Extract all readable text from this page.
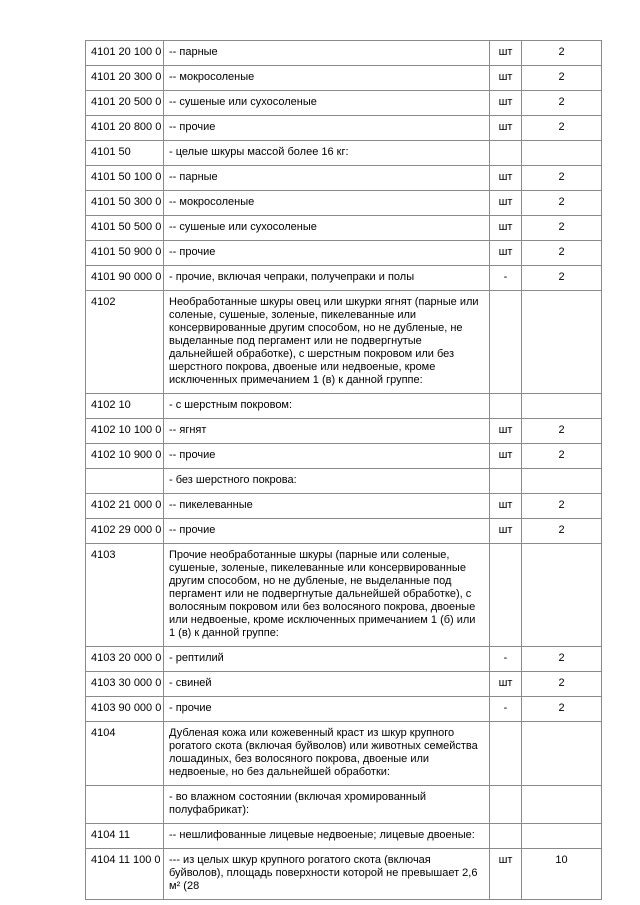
4101 20 100 0	-- парные	шт	2
4101 20 300 0	-- мокросоленые	шт	2
4101 20 500 0	-- сушеные или сухосоленые	шт	2
4101 20 800 0	-- прочие	шт	2
4101 50	- целые шкуры массой более 16 кг:		
4101 50 100 0	-- парные	шт	2
4101 50 300 0	-- мокросоленые	шт	2
4101 50 500 0	-- сушеные или сухосоленые	шт	2
4101 50 900 0	-- прочие	шт	2
4101 90 000 0	- прочие, включая чепраки, получепраки и полы	-	2
4102	Необработанные шкуры овец или шкурки ягнят (парные или соленые, сушеные, золеные, пикелеванные или консервированные другим способом, но не дубленые, не выделанные под пергамент или не подвергнутые дальнейшей обработке), с шерстным покровом или без шерстного покрова, двоеные или недвоеные, кроме исключенных примечанием 1 (в) к данной группе:		
4102 10	- с шерстным покровом:		
4102 10 100 0	-- ягнят	шт	2
4102 10 900 0	-- прочие	шт	2
	- без шерстного покрова:		
4102 21 000 0	-- пикелеванные	шт	2
4102 29 000 0	-- прочие	шт	2
4103	Прочие необработанные шкуры (парные или соленые, сушеные, золеные, пикелеванные или консервированные другим способом, но не дубленые, не выделанные под пергамент или не подвергнутые дальнейшей обработке), с волосяным покровом или без волосяного покрова, двоеные или недвоеные, кроме исключенных примечанием 1 (б) или 1 (в) к данной группе:		
4103 20 000 0	- рептилий	-	2
4103 30 000 0	- свиней	шт	2
4103 90 000 0	- прочие	-	2
4104	Дубленая кожа или кожевенный краст из шкур крупного рогатого скота (включая буйволов) или животных семейства лошадиных, без волосяного покрова, двоеные или недвоеные, но без дальнейшей обработки:		
	- во влажном состоянии (включая хромированный полуфабрикат):		
4104 11	-- нешлифованные лицевые недвоеные; лицевые двоеные:		
4104 11 100 0	--- из целых шкур крупного рогатого скота (включая буйволов), площадь поверхности которой не превышает 2,6 м² (28	шт	10
